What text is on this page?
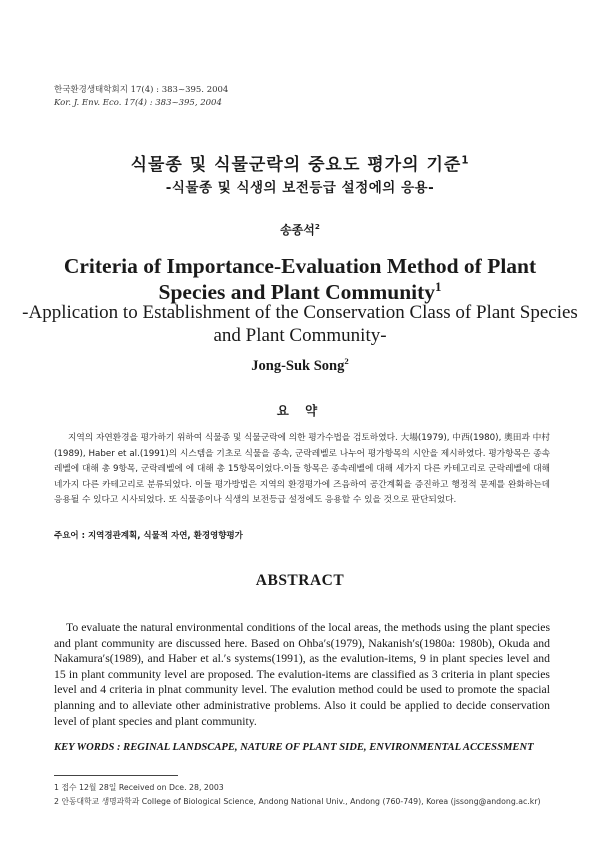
한국환경생태학회지 17(4) : 383~395. 2004
Kor. J. Env. Eco. 17(4) : 383~395, 2004
식물종 및 식물군락의 중요도 평가의 기준$^1$
-식물종 및 식생의 보전등급 설정에의 응용-
송종석$^2$
Criteria of Importance-Evaluation Method of Plant Species and Plant Community$^1$
-Application to Establishment of the Conservation Class of Plant Species and Plant Community-
Jong-Suk Song$^2$
요 약
지역의 자연환경을 평가하기 위하여 식물종 및 식물군락에 의한 평가수법을 검토하였다. 大場(1979), 中西(1980), 奧田과 中村(1989), Haber et al.(1991)의 시스템을 기초로 식물을 종속, 군락레벨로 나누어 평가항목의 시안을 제시하였다. 평가항목은 종속레벨에 대해 총 9항목, 군락레벨에 에 대해 총 15항목이었다.이들 항목은 종속레벨에 대해 세가지 다른 카테고리로 군락레벨에 대해 네가지 다른 카테고리로 분류되었다. 이들 평가방법은 지역의 환경평가에 즈음하여 공간계획을 증진하고 행정적 문제를 완화하는데 응용될 수 있다고 시사되었다. 또 식물종이나 식생의 보전등급 설정에도 응용할 수 있을 것으로 판단되었다.
주요어 : 지역경관계획, 식물적 자연, 환경영향평가
ABSTRACT
To evaluate the natural environmental conditions of the local areas, the methods using the plant species and plant community are discussed here. Based on Ohba′s(1979), Nakanish′s(1980a: 1980b), Okuda and Nakamura′s(1989), and Haber et al.′s systems(1991), as the evalution-items, 9 in plant species level and 15 in plant community level are proposed. The evalution-items are classified as 3 criteria in plant species level and 4 criteria in plnat community level. The evalution method could be used to promote the spacial planning and to alleviate other administrative problems. Also it could be applied to decide conservation level of plant species and plant community.
KEY WORDS : REGINAL LANDSCAPE, NATURE OF PLANT SIDE, ENVIRONMENTAL ACCESSMENT
1 접수 12월 28일 Received on Dce. 28, 2003
2 안동대학교 생명과학과 College of Biological Science, Andong National Univ., Andong (760-749), Korea (jssong@andong.ac.kr)
